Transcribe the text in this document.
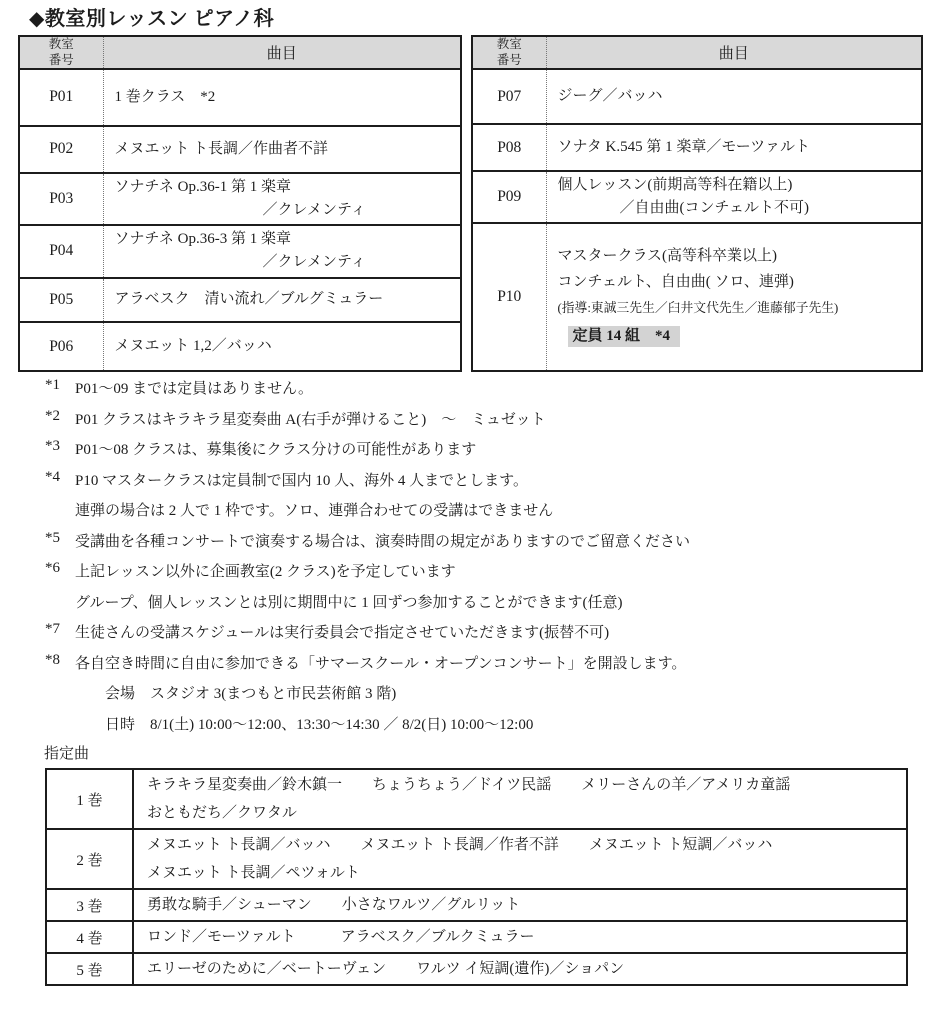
◆教室別レッスン ピアノ科
教室
番号	曲目
P01	1 巻クラス　*2

P02	メヌエット ト長調／作曲者不詳

P03	ソナチネ Op.36-1 第 1 楽章
／クレメンティ

P04	ソナチネ Op.36-3 第 1 楽章
／クレメンティ

P05	アラベスク　清い流れ／ブルグミュラー

P06	メヌエット 1,2／バッハ
教室
番号	曲目
P07	ジーグ／バッハ

P08	ソナタ K.545 第 1 楽章／モーツァルト

P09	個人レッスン(前期高等科在籍以上)
／自由曲(コンチェルト不可)

P10	マスタークラス(高等科卒業以上)
コンチェルト、自由曲( ソロ、連弾)
(指導:東誠三先生／臼井文代先生／進藤郁子先生)
定員 14 組　*4
*1	P01～09 までは定員はありません。
*2	P01 クラスはキラキラ星変奏曲 A(右手が弾けること)　～　ミュゼット
*3	P01～08 クラスは、募集後にクラス分けの可能性があります
*4	P10 マスタークラスは定員制で国内 10 人、海外 4 人までとします。
連弾の場合は 2 人で 1 枠です。ソロ、連弾合わせての受講はできません
*5	受講曲を各種コンサートで演奏する場合は、演奏時間の規定がありますのでご留意ください
*6	上記レッスン以外に企画教室(2 クラス)を予定しています
グループ、個人レッスンとは別に期間中に 1 回ずつ参加することができます(任意)
*7	生徒さんの受講スケジュールは実行委員会で指定させていただきます(振替不可)
*8	各自空き時間に自由に参加できる「サマースクール・オープンコンサート」を開設します。
会場　スタジオ 3(まつもと市民芸術館 3 階)
日時　8/1(土) 10:00～12:00、13:30～14:30 ／ 8/2(日) 10:00～12:00
指定曲
1 巻	キラキラ星変奏曲／鈴木鎮一　　ちょうちょう／ドイツ民謡　　メリーさんの羊／アメリカ童謡
おともだち／クワタル

2 巻	メヌエット ト長調／バッハ　　メヌエット ト長調／作者不詳　　メヌエット ト短調／バッハ
メヌエット ト長調／ペツォルト

3 巻	勇敢な騎手／シューマン　　小さなワルツ／グルリット

4 巻	ロンド／モーツァルト　　　アラベスク／ブルクミュラー

5 巻	エリーゼのために／ベートーヴェン　　ワルツ イ短調(遺作)／ショパン
